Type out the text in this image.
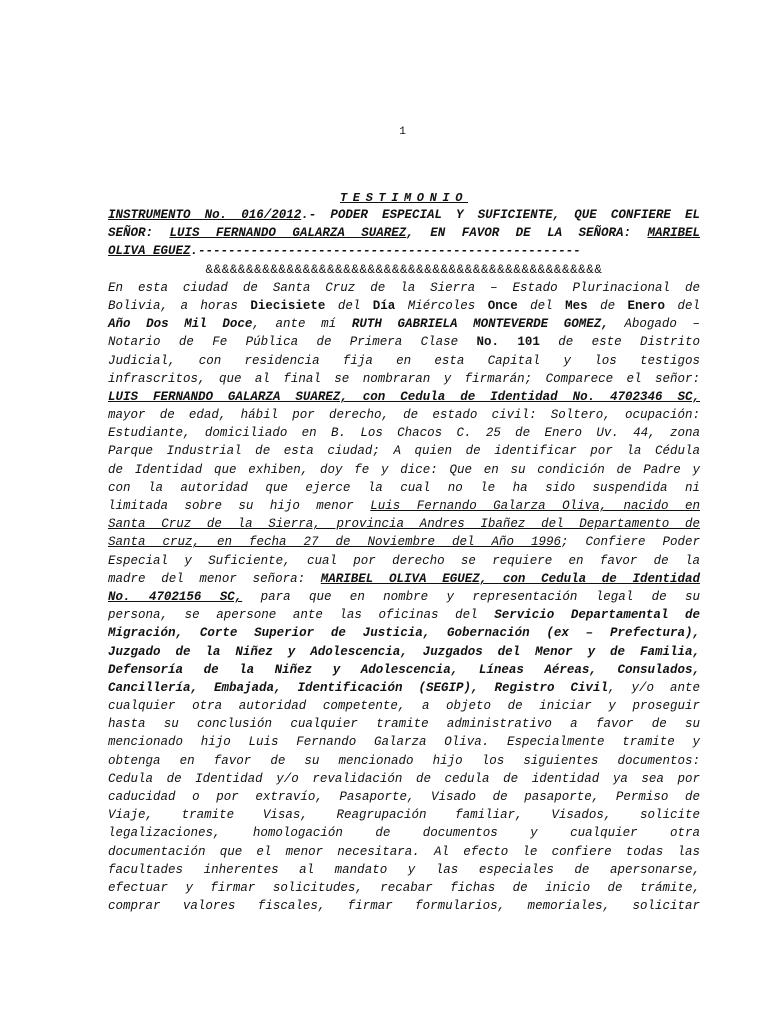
1
TESTIMONIO
INSTRUMENTO No. 016/2012.- PODER ESPECIAL Y SUFICIENTE, QUE CONFIERE EL
SEÑOR: LUIS FERNANDO GALARZA SUAREZ, EN FAVOR DE LA SEÑORA: MARIBEL
OLIVA EGUEZ.---------------------------------------------------
&&&&&&&&&&&&&&&&&&&&&&&&&&&&&&&&&&&&&&&&&&&&&&&&&
En esta ciudad de Santa Cruz de la Sierra – Estado Plurinacional de
Bolivia, a horas Diecisiete del Día Miércoles Once del Mes de Enero del
Año Dos Mil Doce, ante mí RUTH GABRIELA MONTEVERDE GOMEZ, Abogado –
Notario de Fe Pública de Primera Clase No. 101 de este Distrito
Judicial, con residencia fija en esta Capital y los testigos
infrascritos, que al final se nombraran y firmarán; Comparece el señor:
LUIS FERNANDO GALARZA SUAREZ, con Cedula de Identidad No. 4702346 SC,
mayor de edad, hábil por derecho, de estado civil: Soltero, ocupación:
Estudiante, domiciliado en B. Los Chacos C. 25 de Enero Uv. 44, zona
Parque Industrial de esta ciudad; A quien de identificar por la Cédula
de Identidad que exhiben, doy fe y dice: Que en su condición de Padre y
con la autoridad que ejerce la cual no le ha sido suspendida ni
limitada sobre su hijo menor Luis Fernando Galarza Oliva, nacido en
Santa Cruz de la Sierra, provincia Andres Ibañez del Departamento de
Santa cruz, en fecha 27 de Noviembre del Año 1996; Confiere Poder
Especial y Suficiente, cual por derecho se requiere en favor de la
madre del menor señora: MARIBEL OLIVA EGUEZ, con Cedula de Identidad
No. 4702156 SC, para que en nombre y representación legal de su
persona, se apersone ante las oficinas del Servicio Departamental de
Migración, Corte Superior de Justicia, Gobernación (ex – Prefectura),
Juzgado de la Niñez y Adolescencia, Juzgados del Menor y de Familia,
Defensoría de la Niñez y Adolescencia, Líneas Aéreas, Consulados,
Cancillería, Embajada, Identificación (SEGIP), Registro Civil, y/o ante
cualquier otra autoridad competente, a objeto de iniciar y proseguir
hasta su conclusión cualquier tramite administrativo a favor de su
mencionado hijo Luis Fernando Galarza Oliva. Especialmente tramite y
obtenga en favor de su mencionado hijo los siguientes documentos:
Cedula de Identidad y/o revalidación de cedula de identidad ya sea por
caducidad o por extravío, Pasaporte, Visado de pasaporte, Permiso de
Viaje, tramite Visas, Reagrupación familiar, Visados, solicite
legalizaciones, homologación de documentos y cualquier otra
documentación que el menor necesitara. Al efecto le confiere todas las
facultades inherentes al mandato y las especiales de apersonarse,
efectuar y firmar solicitudes, recabar fichas de inicio de trámite,
comprar valores fiscales, firmar formularios, memoriales, solicitar
